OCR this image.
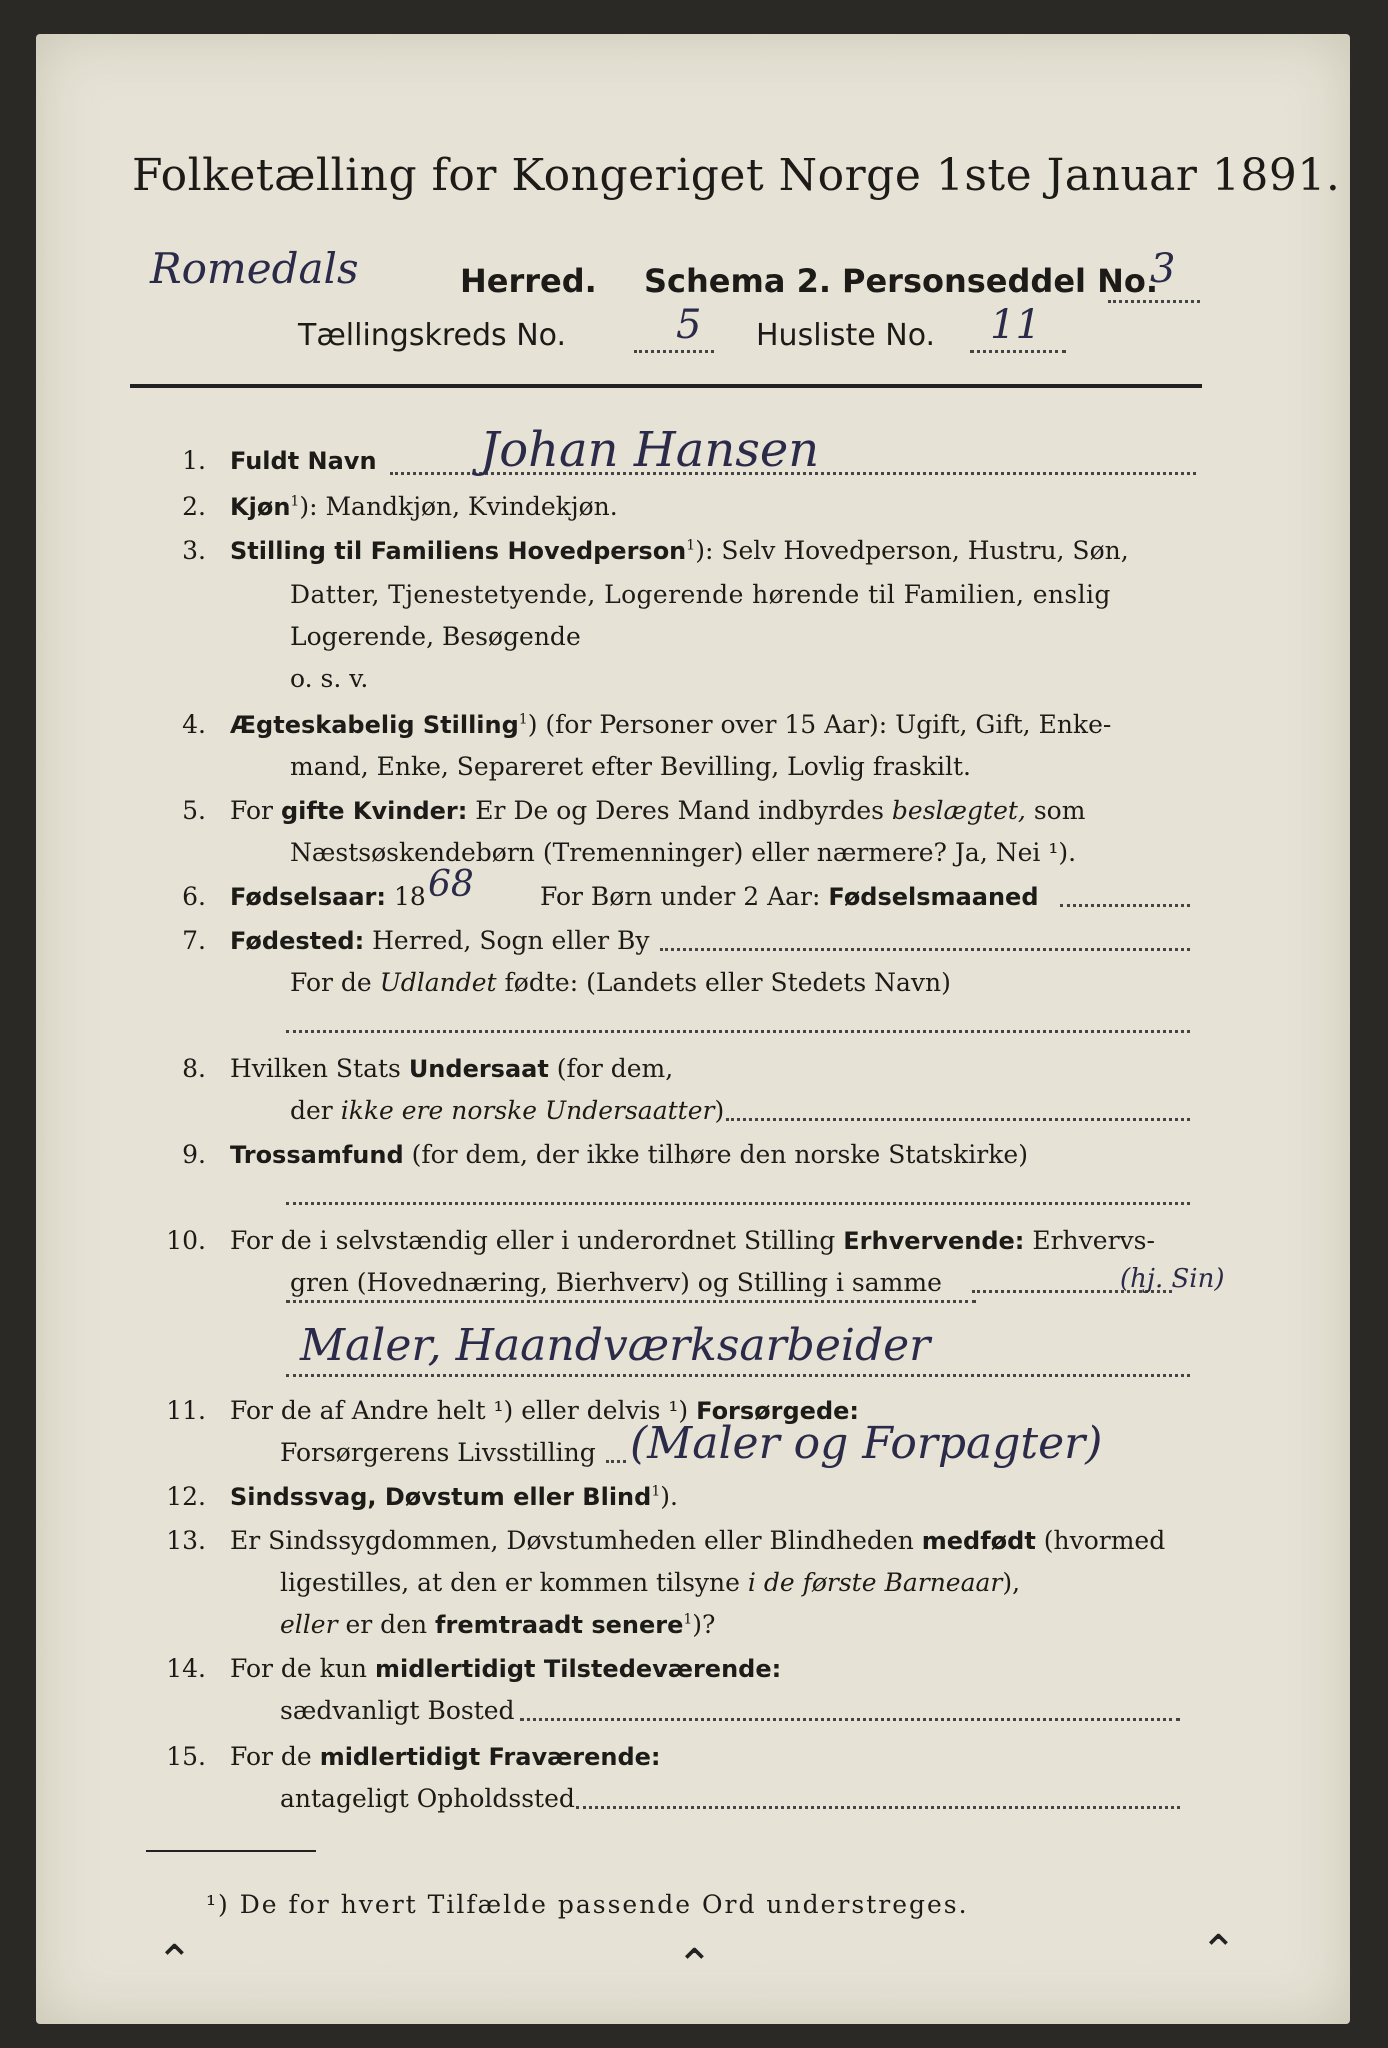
Folketælling for Kongeriget Norge 1ste Januar 1891.
Romedals	Herred. Schema 2. Personseddel No.
3
Tællingskreds No.	5 Husliste No. 11
1. Fuldt Navn Johan Hansen
2. Kjøn$^1$): Mandkjøn, Kvindekjøn.
3. Stilling til Familiens Hovedperson$^1$): Selv Hovedperson, Hustru, Søn,
Datter, Tjenestetyende, Logerende hørende til Familien, enslig
Logerende, Besøgende
o. s. v.
4. Ægteskabelig Stilling$^1$) (for Personer over 15 Aar): Ugift, Gift, Enke-
mand, Enke, Separeret efter Bevilling, Lovlig fraskilt.
5. For gifte Kvinder: Er De og Deres Mand indbyrdes beslægtet, som
Næstsøskendebørn (Tremenninger) eller nærmere? Ja, Nei ¹).
6. Fødselsaar: 18 68	For Børn under 2 Aar: Fødselsmaaned
7. Fødested: Herred, Sogn eller By
For de Udlandet fødte: (Landets eller Stedets Navn)
8. Hvilken Stats Undersaat (for dem,
der ikke ere norske Undersaatter)
9. Trossamfund (for dem, der ikke tilhøre den norske Statskirke)
10. For de i selvstændig eller i underordnet Stilling Erhvervende: Erhvervs-
gren (Hovednæring, Bierhverv) og Stilling i samme	(hj. Sin)
Maler, Haandværksarbeider
11. For de af Andre helt ¹) eller delvis ¹) Forsørgede:
Forsørgerens Livsstilling (Maler og Forpagter)
12. Sindssvag, Døvstum eller Blind$^1$).
13. Er Sindssygdommen, Døvstumheden eller Blindheden medfødt (hvormed
ligestilles, at den er kommen tilsyne i de første Barneaar),
eller er den fremtraadt senere$^1$)?
14. For de kun midlertidigt Tilstedeværende:
sædvanligt Bosted
15. For de midlertidigt Fraværende:
antageligt Opholdssted
¹) De for hvert Tilfælde passende Ord understreges.
⌃	⌃	⌃
